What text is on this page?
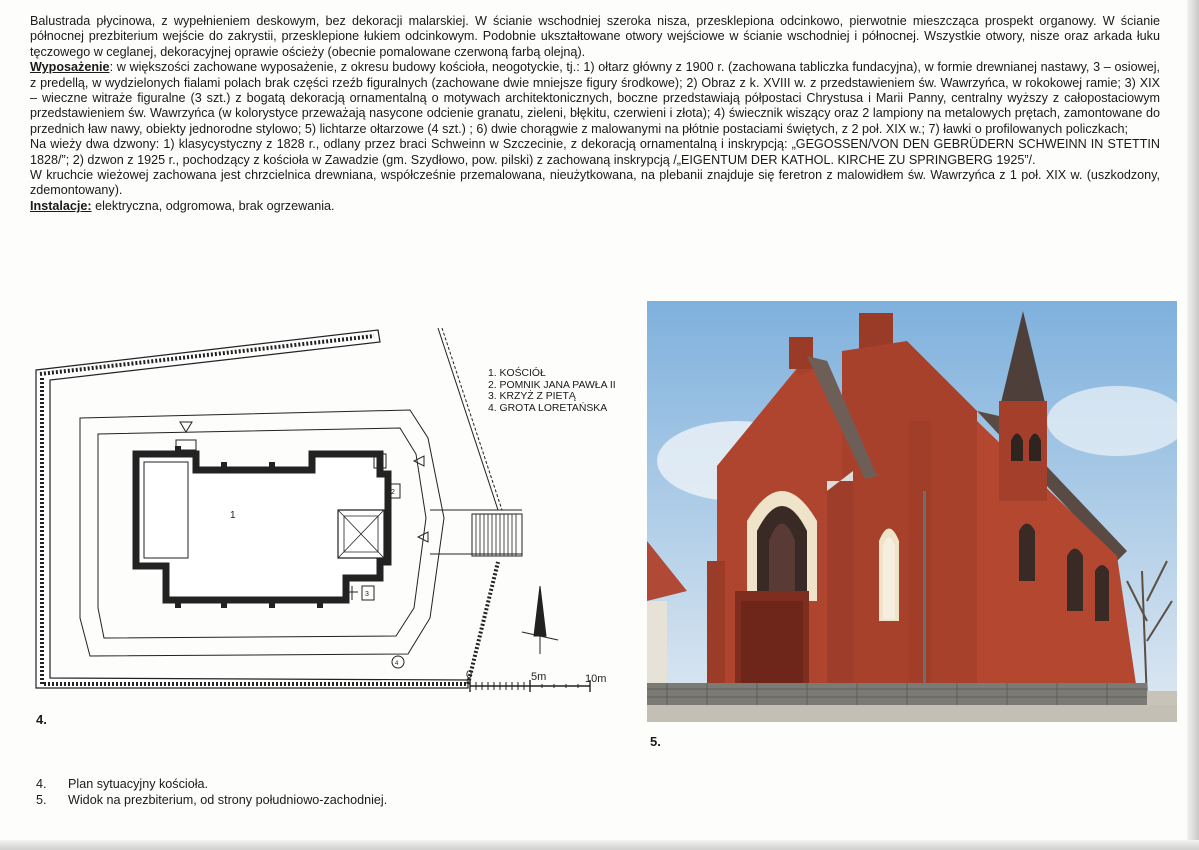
Balustrada płycinowa, z wypełnieniem deskowym, bez dekoracji malarskiej. W ścianie wschodniej szeroka nisza, przesklepiona odcinkowo, pierwotnie mieszcząca prospekt organowy. W ścianie północnej prezbiterium wejście do zakrystii, przesklepione łukiem odcinkowym. Podobnie ukształtowane otwory wejściowe w ścianie wschodniej i północnej. Wszystkie otwory, nisze oraz arkada łuku tęczowego w ceglanej, dekoracyjnej oprawie ościeży (obecnie pomalowane czerwoną farbą olejną).

Wyposażenie: w większości zachowane wyposażenie, z okresu budowy kościoła, neogotyckie, tj.: 1) ołtarz główny z 1900 r. (zachowana tabliczka fundacyjna), w formie drewnianej nastawy, 3 – osiowej, z predellą, w wydzielonych fialami polach brak części rzeźb figuralnych (zachowane dwie mniejsze figury środkowe); 2) Obraz z k. XVIII w. z przedstawieniem św. Wawrzyńca, w rokokowej ramie; 3) XIX – wieczne witraże figuralne (3 szt.) z bogatą dekoracją ornamentalną o motywach architektonicznych, boczne przedstawiają półpostaci Chrystusa i Marii Panny, centralny wyższy z całopostaciowym przedstawieniem św. Wawrzyńca (w kolorystyce przeważają nasycone odcienie granatu, zieleni, błękitu, czerwieni i złota); 4) świecznik wiszący oraz 2 lampiony na metalowych prętach, zamontowane do przednich ław nawy, obiekty jednorodne stylowo; 5) lichtarze ołtarzowe (4 szt.) ; 6) dwie chorągwie z malowanymi na płótnie postaciami świętych, z 2 poł. XIX w.; 7) ławki o profilowanych policzkach;

Na wieży dwa dzwony: 1) klasycystyczny z 1828 r., odlany przez braci Schweinn w Szczecinie, z dekoracją ornamentalną i inskrypcją: „GEGOSSEN/VON DEN GEBRÜDERN SCHWEINN IN STETTIN 1828/”; 2) dzwon z 1925 r., pochodzący z kościoła w Zawadzie (gm. Szydłowo, pow. pilski) z zachowaną inskrypcją /„EIGENTUM DER KATHOL. KIRCHE ZU SPRINGBERG 1925”/.

W kruchcie wieżowej zachowana jest chrzcielnica drewniana, współcześnie przemalowana, nieużytkowana, na plebanii znajduje się feretron z malowidłem św. Wawrzyńca z 1 poł. XIX w. (uszkodzony, zdemontowany).

Instalacje: elektryczna, odgromowa, brak ogrzewania.

1
2
3
4
0	5m	10m
1. KOŚCIÓŁ
2. POMNIK JANA PAWŁA II
3. KRZYŻ Z PIETĄ
4. GROTA LORETAŃSKA
4.
5.
4.	Plan sytuacyjny kościoła.
5.	Widok na prezbiterium, od strony południowo-zachodniej.
